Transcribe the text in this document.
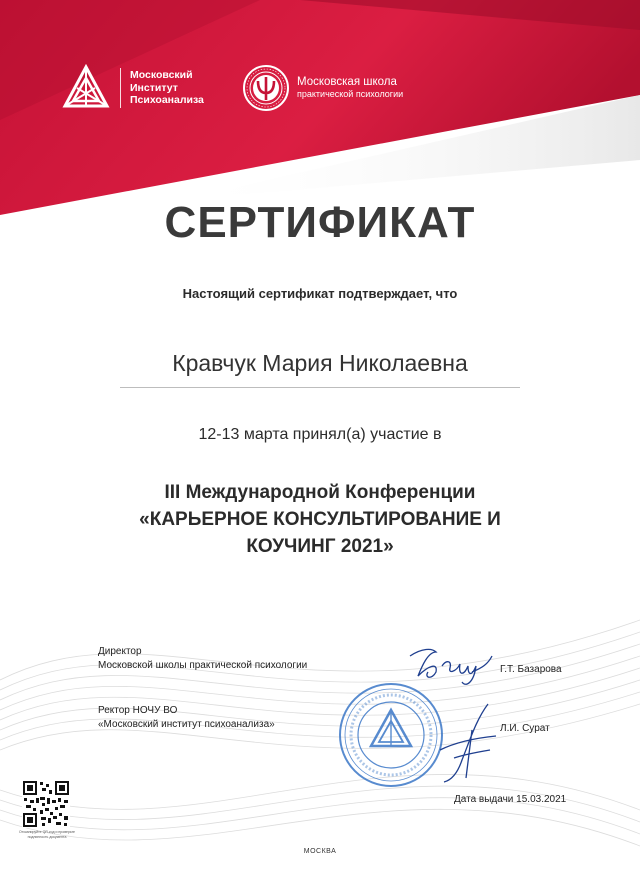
Московский
Институт
Психоанализа
Московская школа
практической психологии
СЕРТИФИКАТ
Настоящий сертификат подтверждает, что
Кравчук Мария Николаевна
12-13 марта принял(а) участие в
III Международной Конференции
«КАРЬЕРНОЕ КОНСУЛЬТИРОВАНИЕ И
КОУЧИНГ 2021»
Директор
Московской школы практической психологии	Г.Т. Базарова
Ректор НОЧУ ВО
«Московский институт психоанализа»	Л.И. Сурат
Дата выдачи 15.03.2021
МОСКВА
Отсканируйте QR-код и проверьте
подлинность документа
